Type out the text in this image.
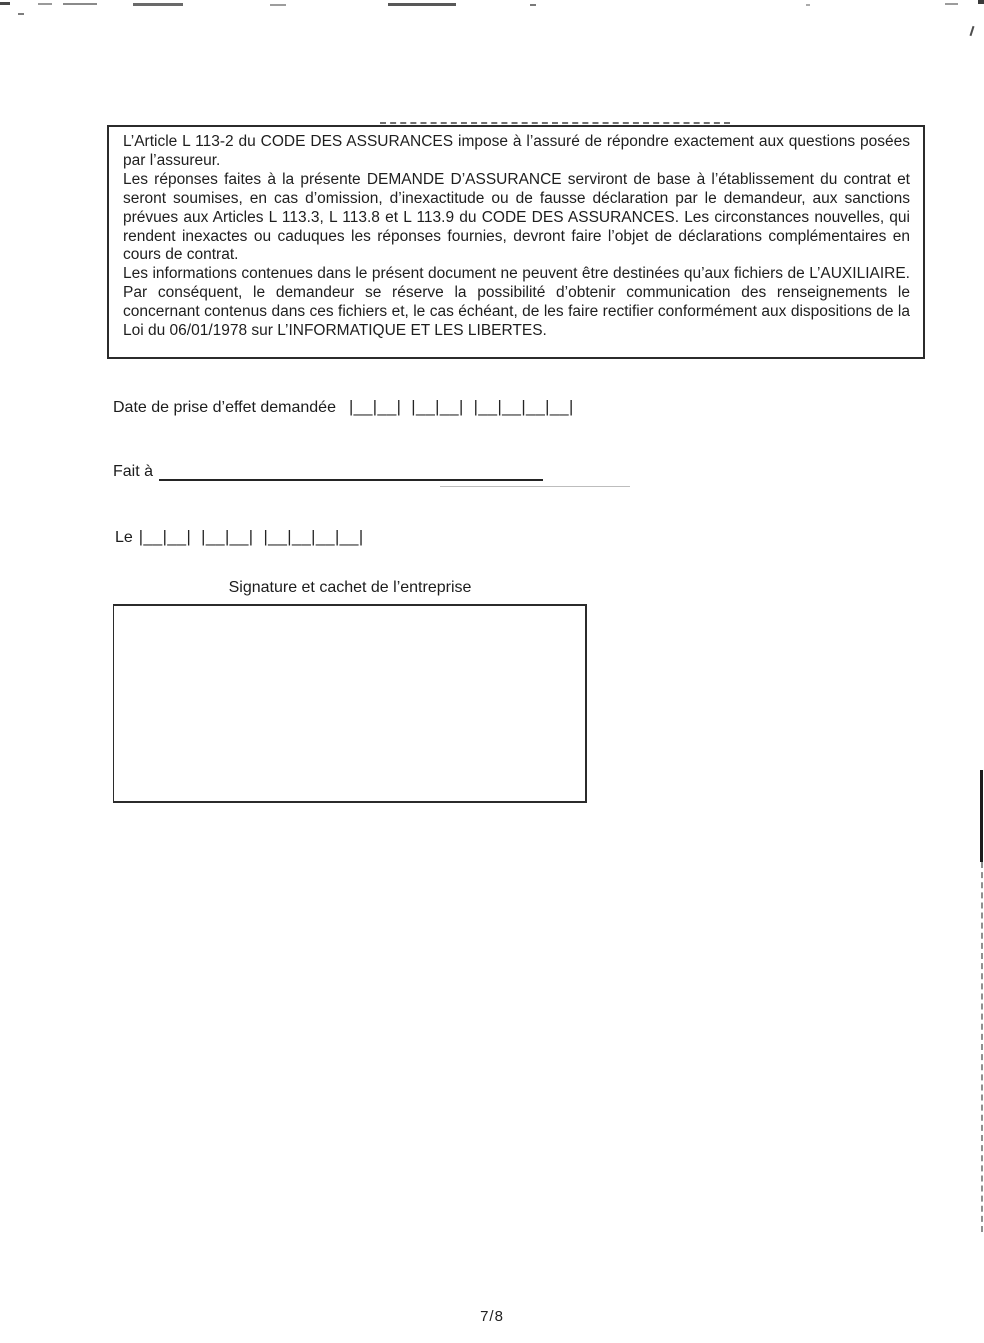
L’Article L 113-2 du CODE DES ASSURANCES impose à l’assuré de répondre exactement aux questions posées par l’assureur.

Les réponses faites à la présente DEMANDE D’ASSURANCE serviront de base à l’établissement du contrat et seront soumises, en cas d’omission, d’inexactitude ou de fausse déclaration par le demandeur, aux sanctions prévues aux Articles L 113.3, L 113.8 et L 113.9 du CODE DES ASSURANCES. Les circonstances nouvelles, qui rendent inexactes ou caduques les réponses fournies, devront faire l’objet de déclarations complémentaires en cours de contrat.

Les informations contenues dans le présent document ne peuvent être destinées qu’aux fichiers de L’AUXILIAIRE. Par conséquent, le demandeur se réserve la possibilité d’obtenir communication des renseignements le concernant contenus dans ces fichiers et, le cas échéant, de les faire rectifier conformément aux dispositions de la Loi du 06/01/1978 sur L’INFORMATIQUE ET LES LIBERTES.

Date de prise d’effet demandée |__|__|  |__|__|  |__|__|__|__|
Fait à
Le |__|__|  |__|__|  |__|__|__|__|
Signature et cachet de l’entreprise
7/8
